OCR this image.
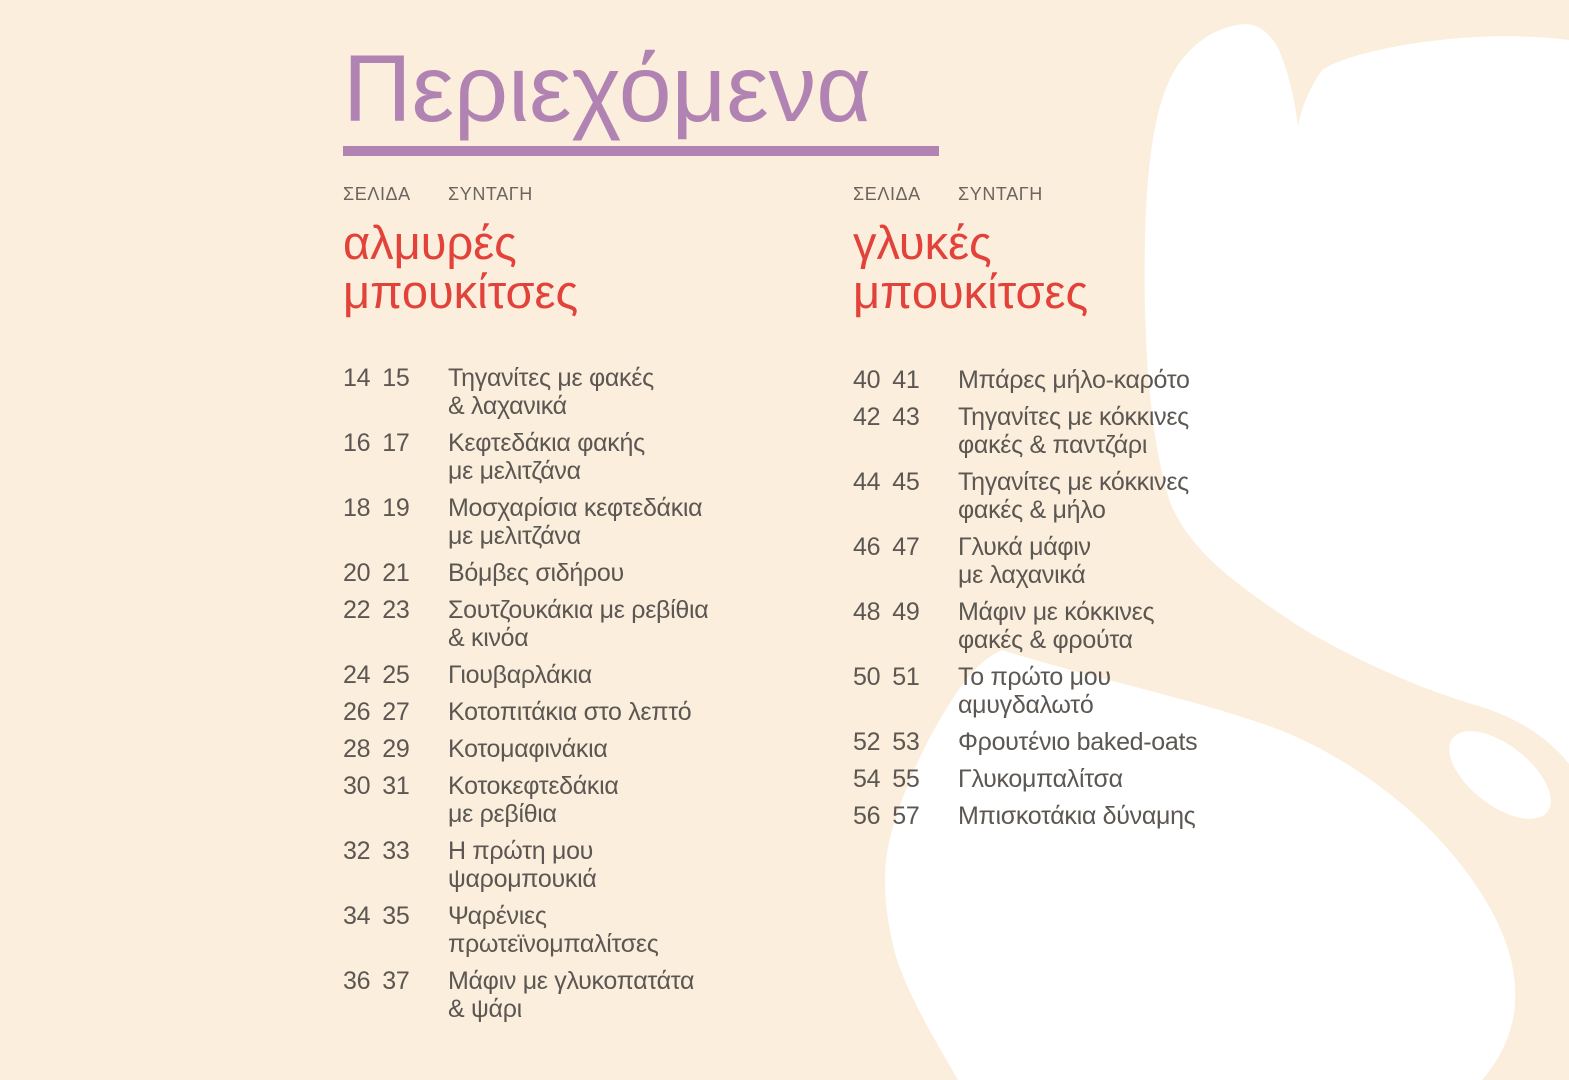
Περιεχόμενα
ΣΕΛΙΔΑ	ΣΥΝΤΑΓΗ
αλμυρές
μπουκίτσες
14 15	Τηγανίτες με φακές
& λαχανικά
16 17	Κεφτεδάκια φακής
με μελιτζάνα
18 19	Μοσχαρίσια κεφτεδάκια
με μελιτζάνα
20 21	Βόμβες σιδήρου
22 23	Σουτζουκάκια με ρεβίθια
& κινόα
24 25	Γιουβαρλάκια
26 27	Κοτοπιτάκια στο λεπτό
28 29	Κοτομαφινάκια
30 31	Κοτοκεφτεδάκια
με ρεβίθια
32 33	Η πρώτη μου
ψαρομπουκιά
34 35	Ψαρένιες
πρωτεϊνομπαλίτσες
36 37	Μάφιν με γλυκοπατάτα
& ψάρι
ΣΕΛΙΔΑ	ΣΥΝΤΑΓΗ
γλυκές
μπουκίτσες
40 41	Μπάρες μήλο-καρότο
42 43	Τηγανίτες με κόκκινες
φακές & παντζάρι
44 45	Τηγανίτες με κόκκινες
φακές & μήλο
46 47	Γλυκά μάφιν
με λαχανικά
48 49	Μάφιν με κόκκινες
φακές & φρούτα
50 51	Το πρώτο μου
αμυγδαλωτό
52 53	Φρουτένιο baked-oats
54 55	Γλυκομπαλίτσα
56 57	Μπισκοτάκια δύναμης
